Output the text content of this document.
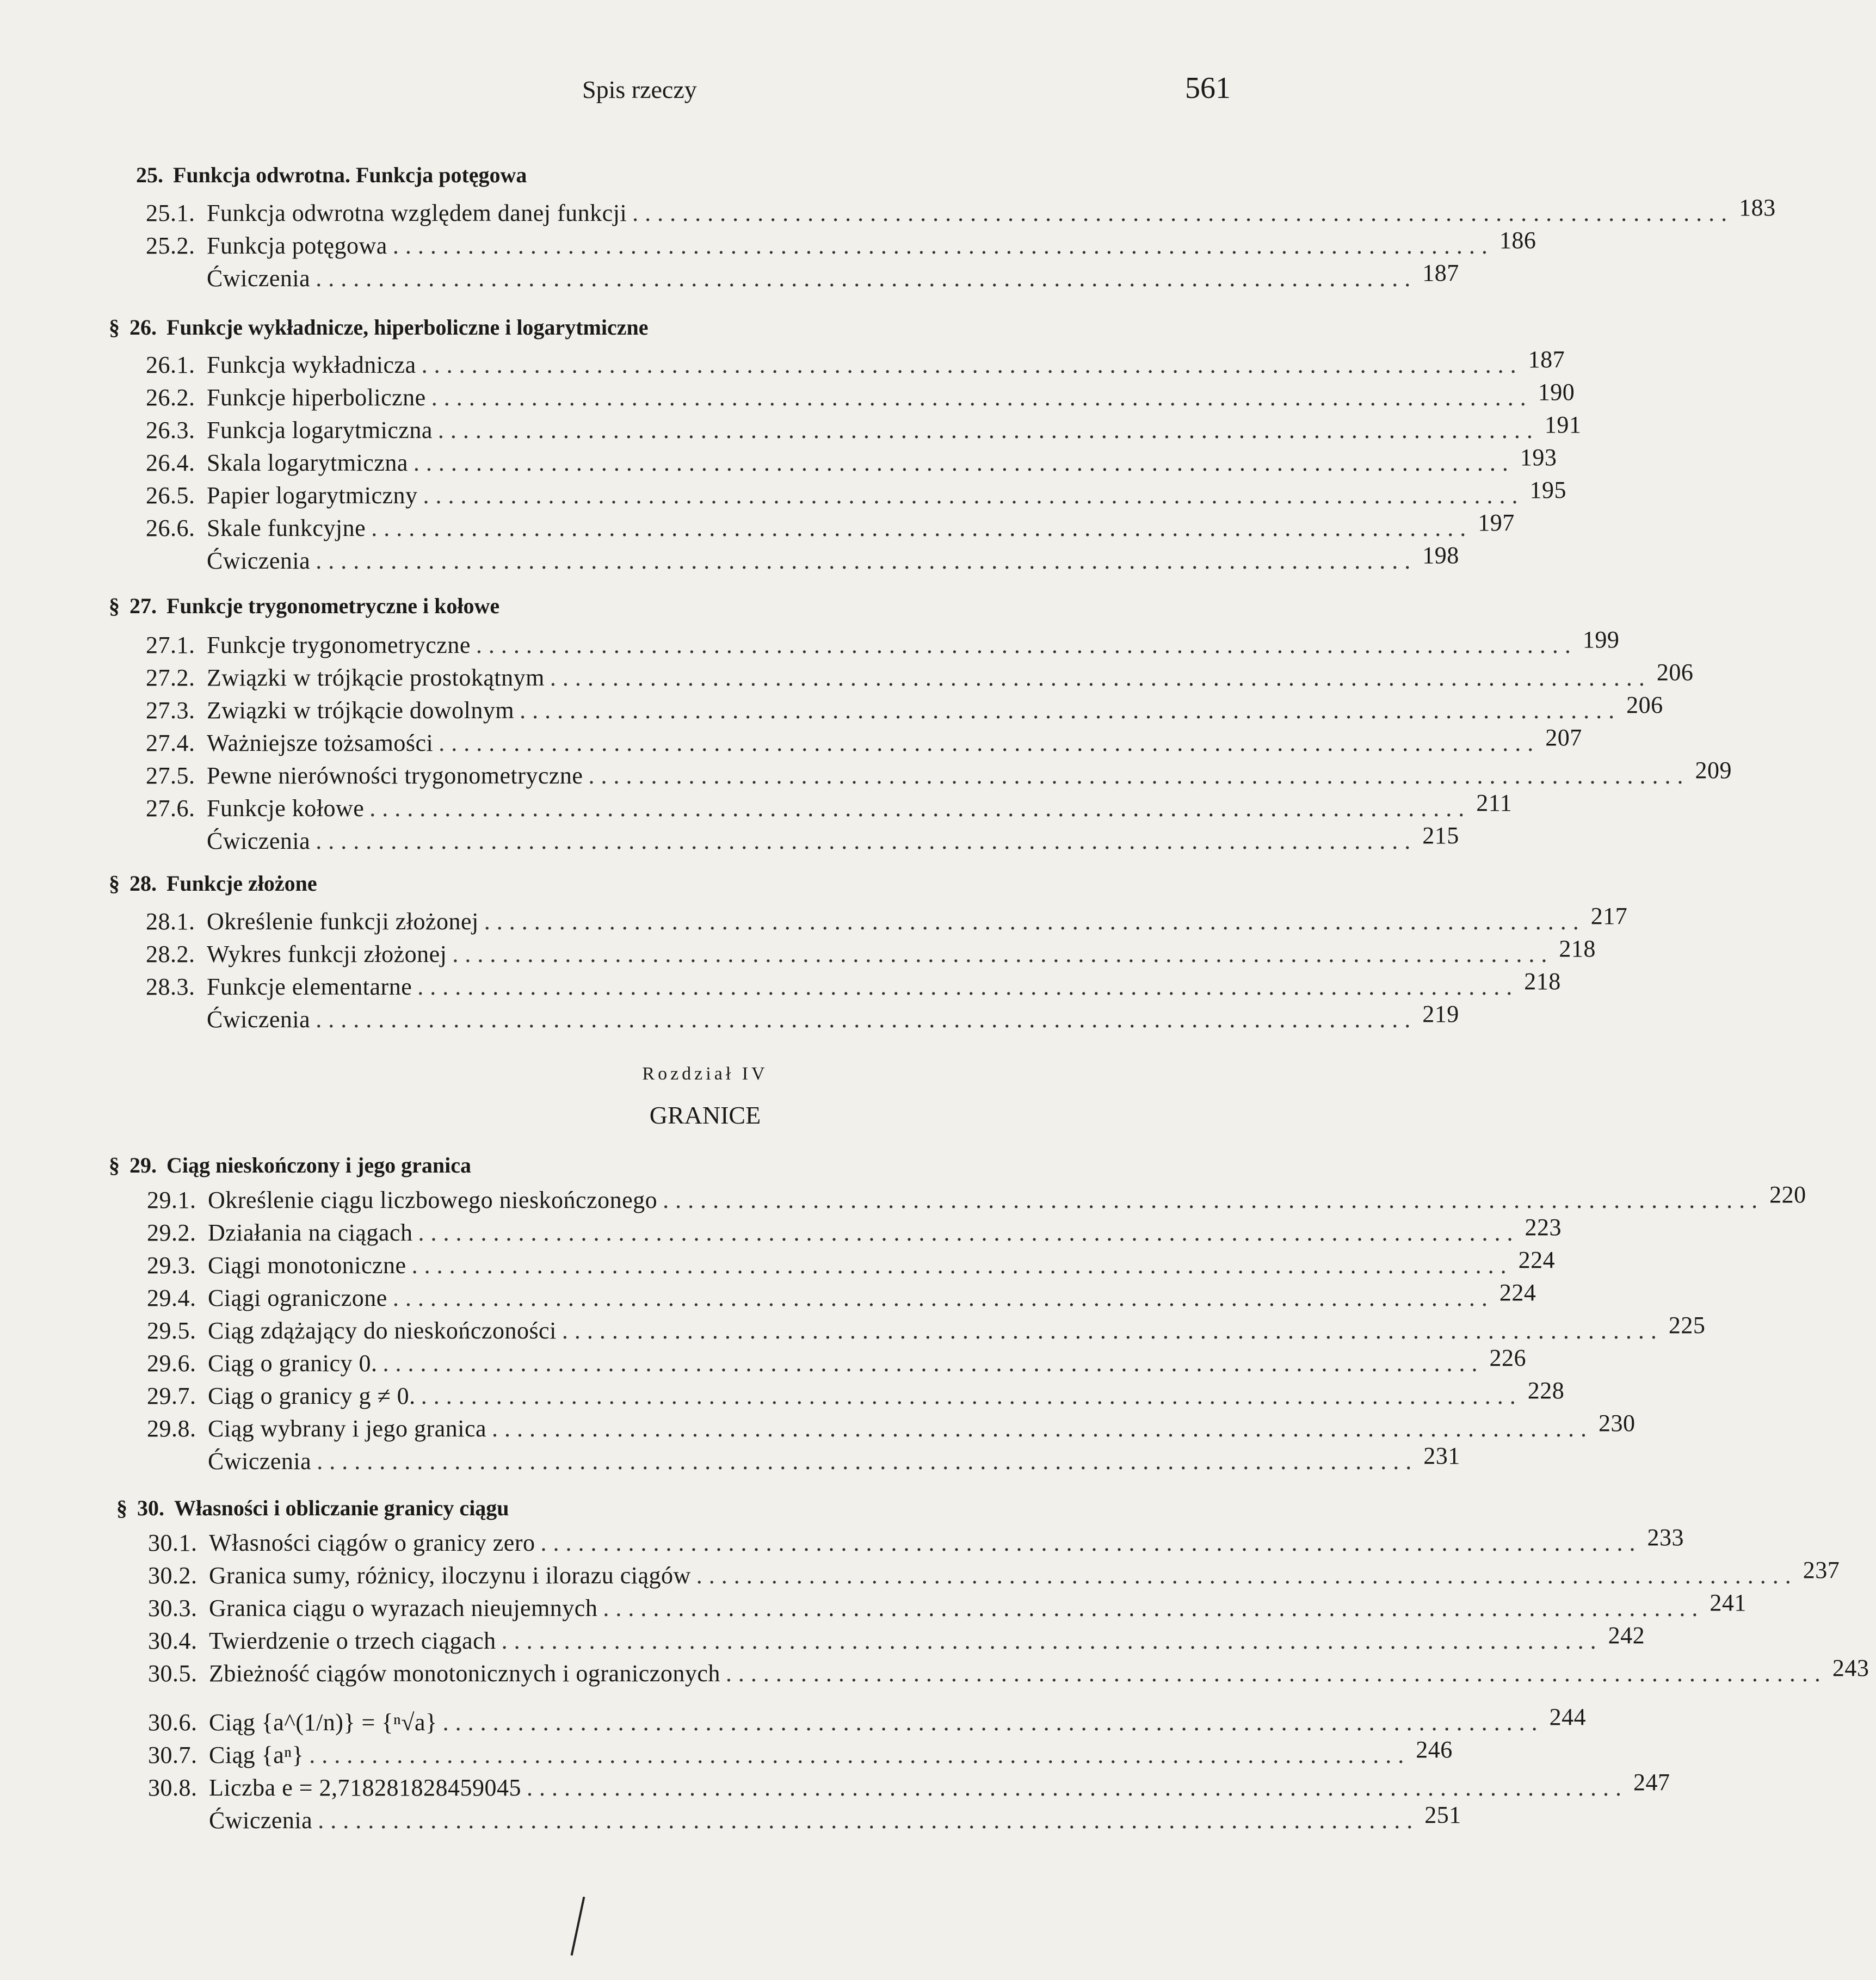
Spis rzeczy	561
25. Funkcja odwrotna. Funkcja potęgowa
25.1. Funkcja odwrotna względem danej funkcji ........................................................................................ 183
25.2. Funkcja potęgowa ........................................................................................ 186
Ćwiczenia ........................................................................................ 187
§ 26. Funkcje wykładnicze, hiperboliczne i logarytmiczne
26.1. Funkcja wykładnicza ........................................................................................ 187
26.2. Funkcje hiperboliczne ........................................................................................ 190
26.3. Funkcja logarytmiczna ........................................................................................ 191
26.4. Skala logarytmiczna ........................................................................................ 193
26.5. Papier logarytmiczny ........................................................................................ 195
26.6. Skale funkcyjne ........................................................................................ 197
Ćwiczenia ........................................................................................ 198
§ 27. Funkcje trygonometryczne i kołowe
27.1. Funkcje trygonometryczne ........................................................................................ 199
27.2. Związki w trójkącie prostokątnym ........................................................................................ 206
27.3. Związki w trójkącie dowolnym ........................................................................................ 206
27.4. Ważniejsze tożsamości ........................................................................................ 207
27.5. Pewne nierówności trygonometryczne ........................................................................................ 209
27.6. Funkcje kołowe ........................................................................................ 211
Ćwiczenia ........................................................................................ 215
§ 28. Funkcje złożone
28.1. Określenie funkcji złożonej ........................................................................................ 217
28.2. Wykres funkcji złożonej ........................................................................................ 218
28.3. Funkcje elementarne ........................................................................................ 218
Ćwiczenia ........................................................................................ 219
Rozdział IV
GRANICE
§ 29. Ciąg nieskończony i jego granica
29.1. Określenie ciągu liczbowego nieskończonego ........................................................................................ 220
29.2. Działania na ciągach ........................................................................................ 223
29.3. Ciągi monotoniczne ........................................................................................ 224
29.4. Ciągi ograniczone ........................................................................................ 224
29.5. Ciąg zdążający do nieskończoności ........................................................................................ 225
29.6. Ciąg o granicy 0. ........................................................................................ 226
29.7. Ciąg o granicy g ≠ 0. ........................................................................................ 228
29.8. Ciąg wybrany i jego granica ........................................................................................ 230
Ćwiczenia ........................................................................................ 231
§ 30. Własności i obliczanie granicy ciągu
30.1. Własności ciągów o granicy zero ........................................................................................ 233
30.2. Granica sumy, różnicy, iloczynu i ilorazu ciągów ........................................................................................ 237
30.3. Granica ciągu o wyrazach nieujemnych ........................................................................................ 241
30.4. Twierdzenie o trzech ciągach ........................................................................................ 242
30.5. Zbieżność ciągów monotonicznych i ograniczonych ........................................................................................ 243
30.6. Ciąg {a^(1/n)} = {ⁿ√a} ........................................................................................ 244
30.7. Ciąg {aⁿ} ........................................................................................ 246
30.8. Liczba e = 2,718281828459045 ........................................................................................ 247
Ćwiczenia ........................................................................................ 251
